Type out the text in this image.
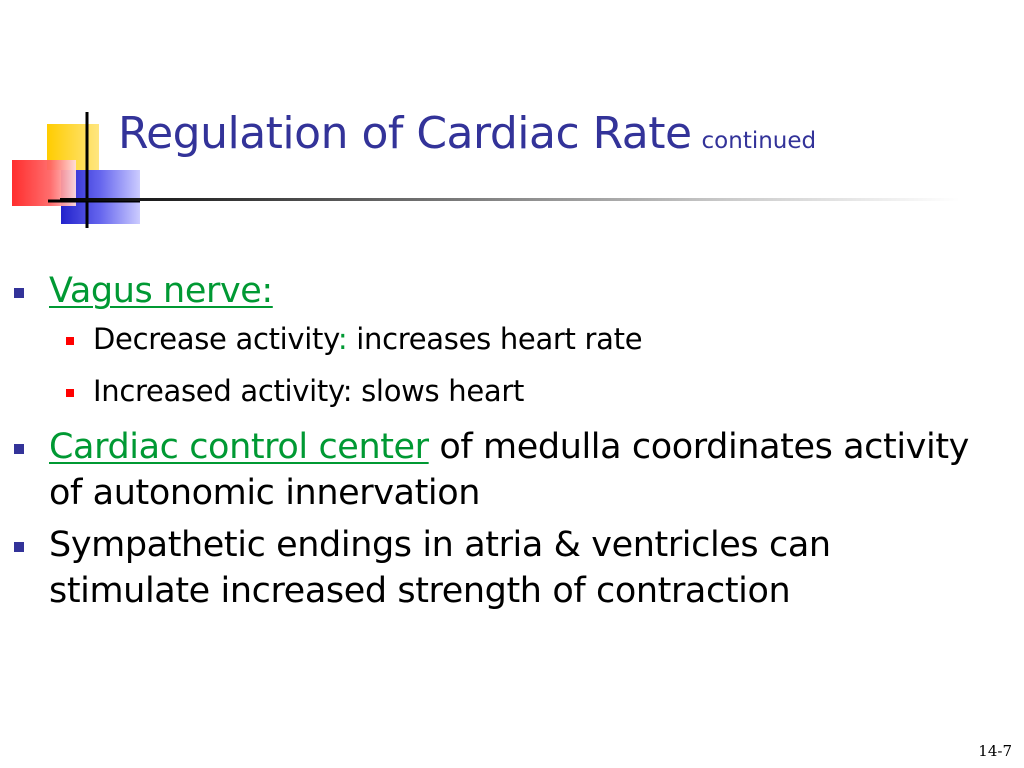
Regulation of Cardiac Rate continued
Vagus nerve:
Decrease activity: increases heart rate
Increased activity: slows heart
Cardiac control center of medulla coordinates activity of autonomic innervation
Sympathetic endings in atria & ventricles can stimulate increased strength of contraction
14-7
